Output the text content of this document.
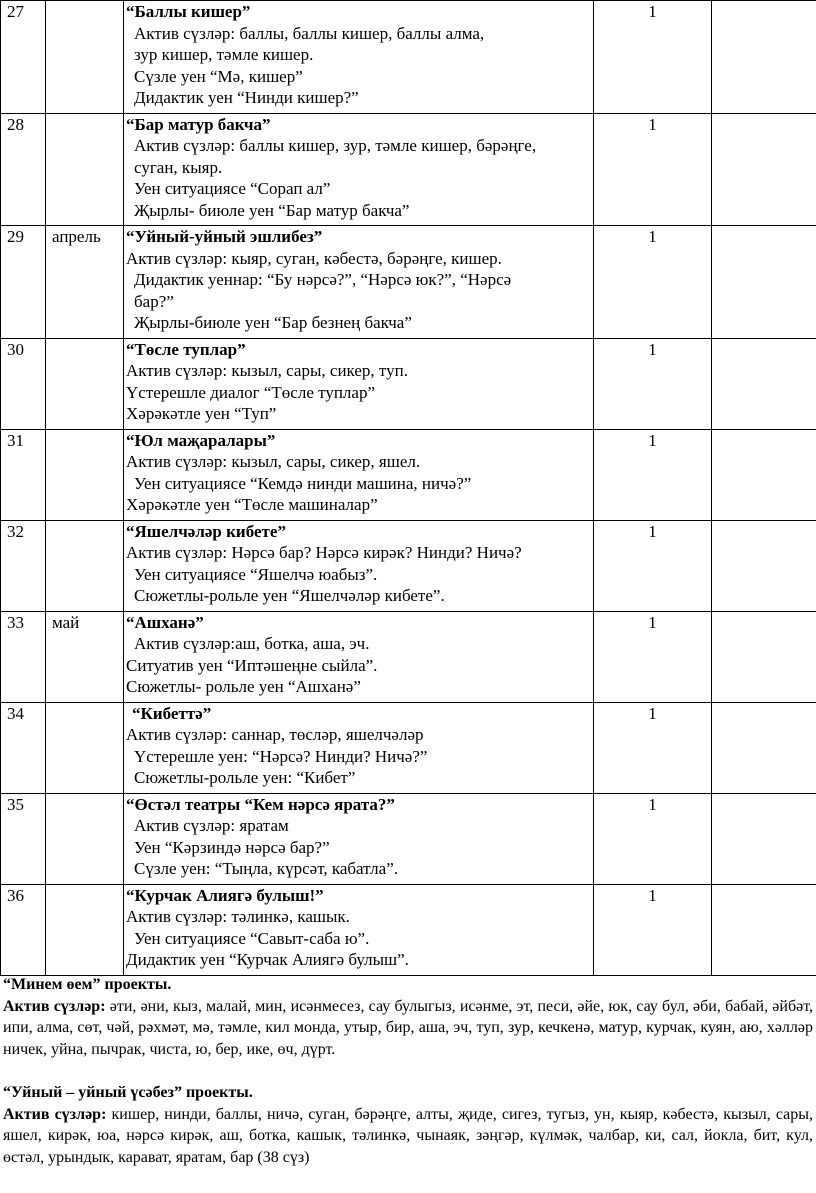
27		“Баллы кишер”
Актив сүзләр: баллы, баллы кишер, баллы алма,
зур кишер, тәмле кишер.
Сүзле уен “Мә, кишер”
Дидактик уен “Нинди кишер?”	1	
28		“Бар матур бакча”
Актив сүзләр: баллы кишер, зур, тәмле кишер, бәрәңге,
суган, кыяр.
Уен ситуациясе “Сорап ал”
Җырлы- биюле уен “Бар матур бакча”	1	
29	апрель	“Уйный-уйный эшлибез”
Актив сүзләр: кыяр, суган, кәбестә, бәрәңге, кишер.
Дидактик уеннар: “Бу нәрсә?”, “Нәрсә юк?”, “Нәрсә
бар?”
Җырлы-биюле уен “Бар безнең бакча”	1	
30		“Төсле туплар”
Актив сүзләр: кызыл, сары, сикер, туп.
Үстерешле диалог “Төсле туплар”
Хәрәкәтле уен “Туп”	1	
31		“Юл маҗаралары”
Актив сүзләр: кызыл, сары, сикер, яшел.
Уен ситуациясе “Кемдә нинди машина, ничә?”
Хәрәкәтле уен “Төсле машиналар”	1	
32		“Яшелчәләр кибете”
Актив сүзләр: Нәрсә бар? Нәрсә кирәк? Нинди? Ничә?
Уен ситуациясе “Яшелчә юабыз”.
Сюжетлы-рольле уен “Яшелчәләр кибете”.	1	
33	май	“Ашханә”
Актив сүзләр:аш, ботка, аша, эч.
Ситуатив уен “Иптәшеңне сыйла”.
Сюжетлы- рольле уен “Ашханә”	1	
34		“Кибеттә”
Актив сүзләр: саннар, төсләр, яшелчәләр
Үстерешле уен: “Нәрсә? Нинди? Ничә?”
Сюжетлы-рольле уен: “Кибет”	1	
35		“Өстәл театры “Кем нәрсә ярата?”
Актив сүзләр: яратам
Уен “Кәрзиндә нәрсә бар?”
Сүзле уен: “Тыңла, күрсәт, кабатла”.	1	
36		“Курчак Алиягә булыш!”
Актив сүзләр: тәлинкә, кашык.
Уен ситуациясе “Савыт-саба ю”.
Дидактик уен “Курчак Алиягә булыш”.	1	

“Минем өем” проекты.

Актив сүзләр: әти, әни, кыз, малай, мин, исәнмесез, сау булыгыз, исәнме, эт, песи, әйе, юк, сау бул, әби, бабай, әйбәт, ипи, алма, сөт, чәй, рәхмәт, мә, тәмле, кил монда, утыр, бир, аша, эч, туп, зур, кечкенә, матур, курчак, куян, аю, хәлләр ничек, уйна, пычрак, чиста, ю, бер, ике, өч, дүрт.

“Уйный – уйный үсәбез” проекты.

Актив сүзләр: кишер, нинди, баллы, ничә, суган, бәрәңге, алты, җиде, сигез, тугыз, ун, кыяр, кәбестә, кызыл, сары, яшел, кирәк, юа, нәрсә кирәк, аш, ботка, кашык, тәлинкә, чынаяк, зәңгәр, күлмәк, чалбар, ки, сал, йокла, бит, кул, өстәл, урындык, карават, яратам, бар (38 сүз)
